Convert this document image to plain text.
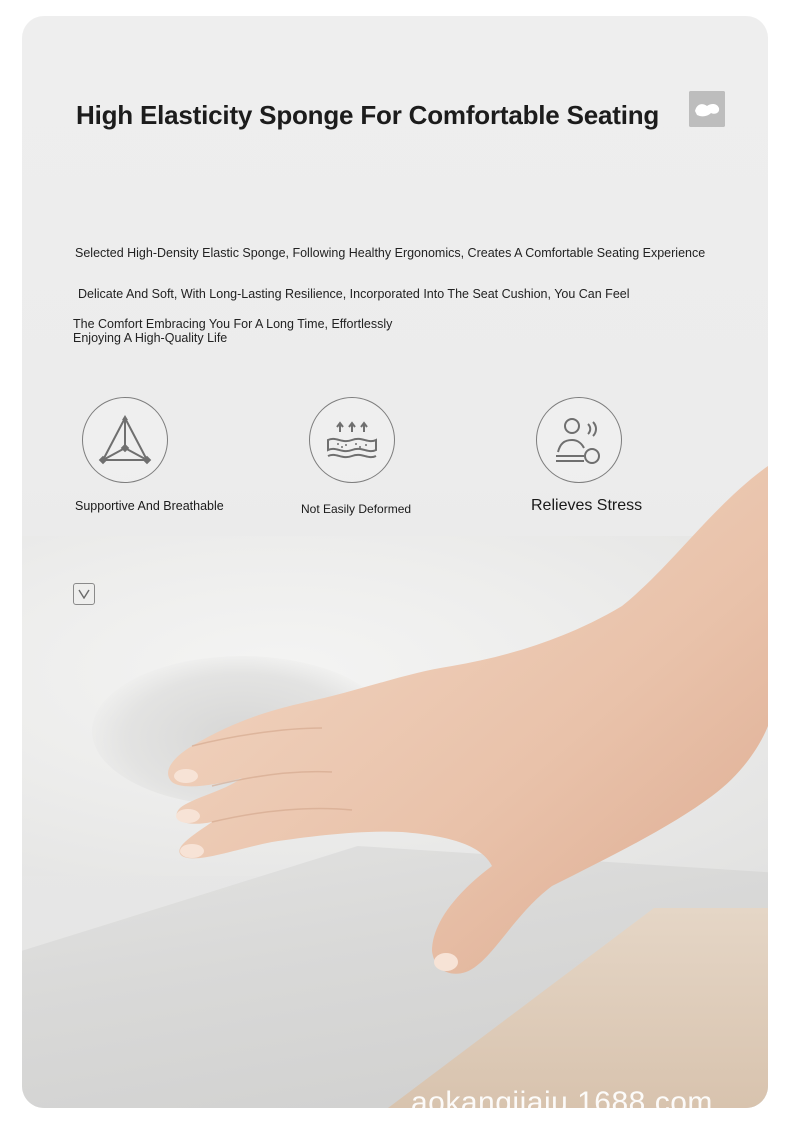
High Elasticity Sponge For Comfortable Seating

Selected High-Density Elastic Sponge, Following Healthy Ergonomics, Creates A Comfortable Seating Experience

Delicate And Soft, With Long-Lasting Resilience, Incorporated Into The Seat Cushion, You Can Feel

The Comfort Embracing You For A Long Time, Effortlessly

Enjoying A High-Quality Life

Supportive And Breathable	Not Easily Deformed	Relieves Stress
aokangjiaju.1688.com
